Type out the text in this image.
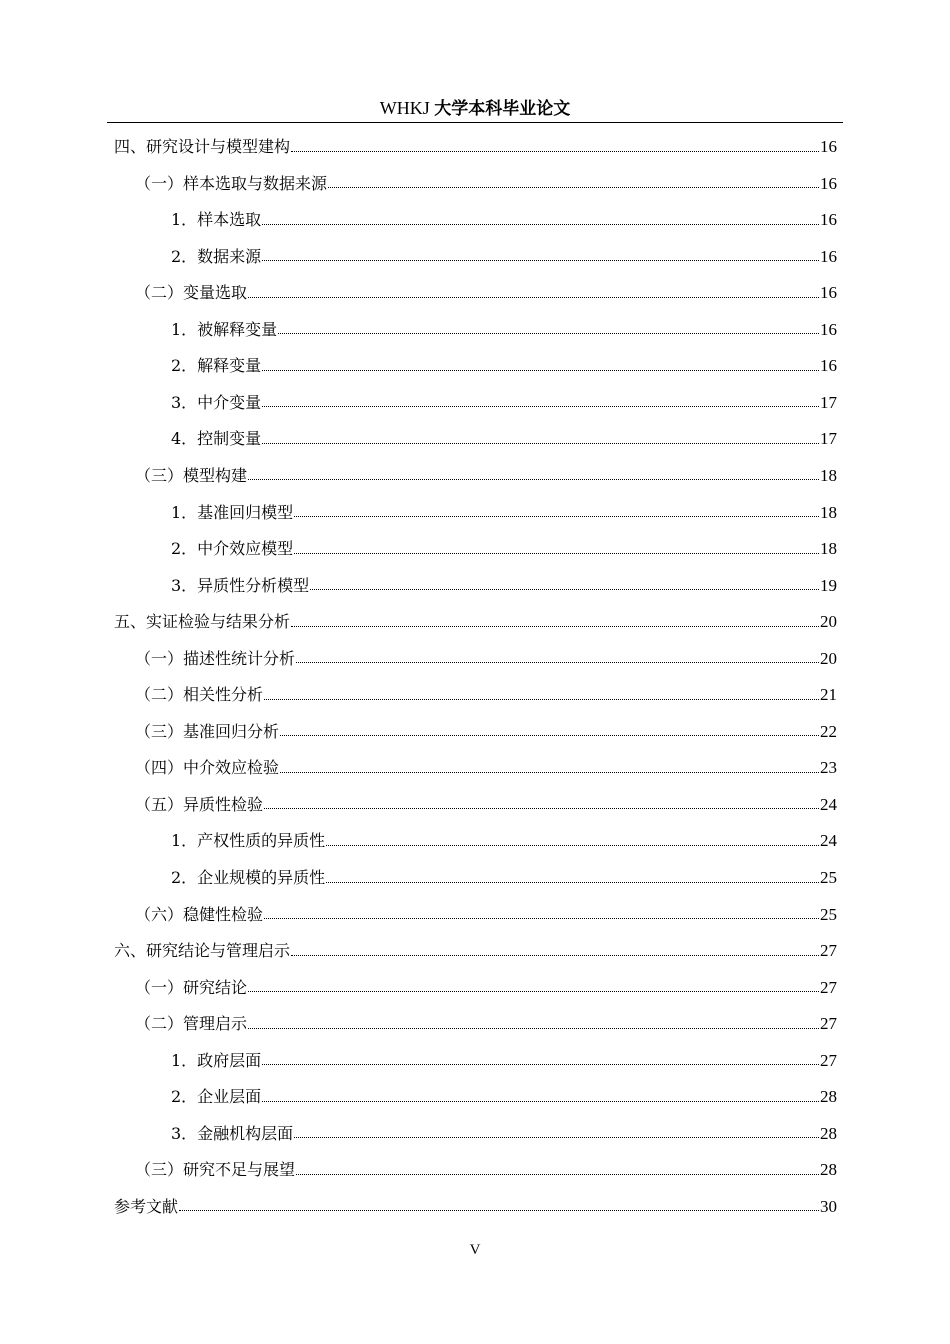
WHKJ 大学本科毕业论文
四、研究设计与模型建构	16
（一）样本选取与数据来源	16
1．样本选取	16
2．数据来源	16
（二）变量选取	16
1．被解释变量	16
2．解释变量	16
3．中介变量	17
4．控制变量	17
（三）模型构建	18
1．基准回归模型	18
2．中介效应模型	18
3．异质性分析模型	19
五、实证检验与结果分析	20
（一）描述性统计分析	20
（二）相关性分析	21
（三）基准回归分析	22
（四）中介效应检验	23
（五）异质性检验	24
1．产权性质的异质性	24
2．企业规模的异质性	25
（六）稳健性检验	25
六、研究结论与管理启示	27
（一）研究结论	27
（二）管理启示	27
1．政府层面	27
2．企业层面	28
3．金融机构层面	28
（三）研究不足与展望	28
参考文献	30
V
